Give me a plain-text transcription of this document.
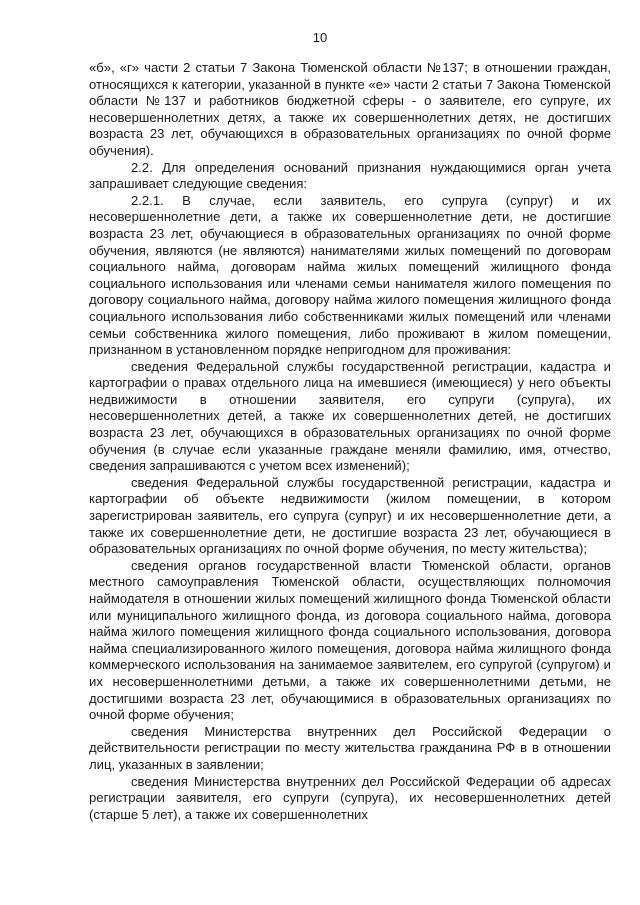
10

«б», «г» части 2 статьи 7 Закона Тюменской области №137; в отношении граждан, относящихся к категории, указанной в пункте «е» части 2 статьи 7 Закона Тюменской области №137 и работников бюджетной сферы - о заявителе, его супруге, их несовершеннолетних детях, а также их совершеннолетних детях, не достигших возраста 23 лет, обучающихся в образовательных организациях по очной форме обучения).

2.2. Для определения оснований признания нуждающимися орган учета запрашивает следующие сведения:

2.2.1. В случае, если заявитель, его супруга (супруг) и их несовершеннолетние дети, а также их совершеннолетние дети, не достигшие возраста 23 лет, обучающиеся в образовательных организациях по очной форме обучения, являются (не являются) нанимателями жилых помещений по договорам социального найма, договорам найма жилых помещений жилищного фонда социального использования или членами семьи нанимателя жилого помещения по договору социального найма, договору найма жилого помещения жилищного фонда социального использования либо собственниками жилых помещений или членами семьи собственника жилого помещения, либо проживают в жилом помещении, признанном в установленном порядке непригодном для проживания:

сведения Федеральной службы государственной регистрации, кадастра и картографии о правах отдельного лица на имевшиеся (имеющиеся) у него объекты недвижимости в отношении заявителя, его супруги (супруга), их несовершеннолетних детей, а также их совершеннолетних детей, не достигших возраста 23 лет, обучающихся в образовательных организациях по очной форме обучения (в случае если указанные граждане меняли фамилию, имя, отчество, сведения запрашиваются с учетом всех изменений);

сведения Федеральной службы государственной регистрации, кадастра и картографии об объекте недвижимости (жилом помещении, в котором зарегистрирован заявитель, его супруга (супруг) и их несовершеннолетние дети, а также их совершеннолетние дети, не достигшие возраста 23 лет, обучающиеся в образовательных организациях по очной форме обучения, по месту жительства);

сведения органов государственной власти Тюменской области, органов местного самоуправления Тюменской области, осуществляющих полномочия наймодателя в отношении жилых помещений жилищного фонда Тюменской области или муниципального жилищного фонда, из договора социального найма, договора найма жилого помещения жилищного фонда социального использования, договора найма специализированного жилого помещения, договора найма жилищного фонда коммерческого использования на занимаемое заявителем, его супругой (супругом) и их несовершеннолетними детьми, а также их совершеннолетними детьми, не достигшими возраста 23 лет, обучающимися в образовательных организациях по очной форме обучения;

сведения Министерства внутренних дел Российской Федерации о действительности регистрации по месту жительства гражданина РФ в в отношении лиц, указанных в заявлении;

сведения Министерства внутренних дел Российской Федерации об адресах регистрации заявителя, его супруги (супруга), их несовершеннолетних детей (старше 5 лет), а также их совершеннолетних
